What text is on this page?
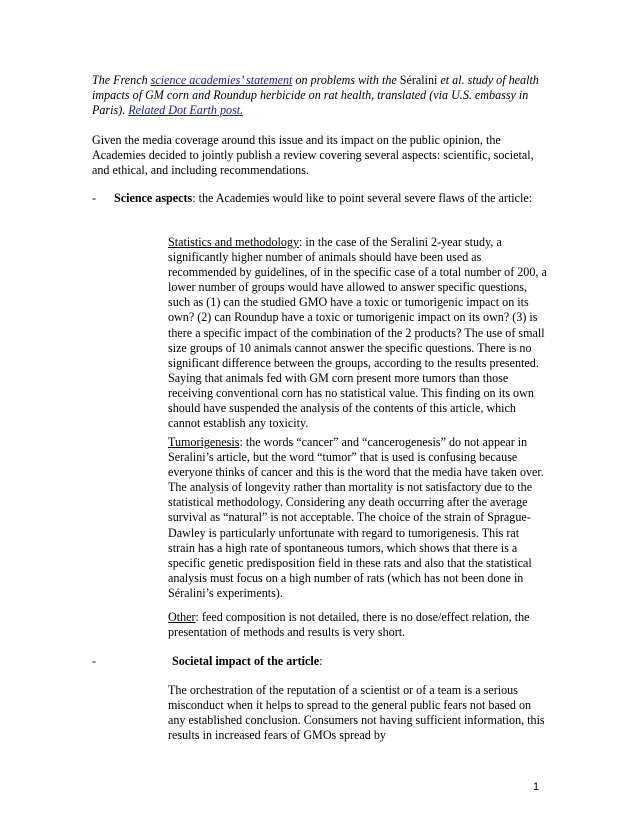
The French science academies’ statement on problems with the Séralini et al. study of health impacts of GM corn and Roundup herbicide on rat health, translated (via U.S. embassy in Paris). Related Dot Earth post.
Given the media coverage around this issue and its impact on the public opinion, the Academies decided to jointly publish a review covering several aspects: scientific, societal, and ethical, and including recommendations.
- Science aspects: the Academies would like to point several severe flaws of the article:
Statistics and methodology: in the case of the Seralini 2-year study, a significantly higher number of animals should have been used as recommended by guidelines, of in the specific case of a total number of 200, a lower number of groups would have allowed to answer specific questions, such as (1) can the studied GMO have a toxic or tumorigenic impact on its own? (2) can Roundup have a toxic or tumorigenic impact on its own? (3) is there a specific impact of the combination of the 2 products? The use of small size groups of 10 animals cannot answer the specific questions. There is no significant difference between the groups, according to the results presented. Saying that animals fed with GM corn present more tumors than those receiving conventional corn has no statistical value. This finding on its own should have suspended the analysis of the contents of this article, which cannot establish any toxicity.
Tumorigenesis: the words “cancer” and “cancerogenesis” do not appear in Seralini’s article, but the word “tumor” that is used is confusing because everyone thinks of cancer and this is the word that the media have taken over. The analysis of longevity rather than mortality is not satisfactory due to the statistical methodology. Considering any death occurring after the average survival as “natural” is not acceptable. The choice of the strain of Sprague-Dawley is particularly unfortunate with regard to tumorigenesis. This rat strain has a high rate of spontaneous tumors, which shows that there is a specific genetic predisposition field in these rats and also that the statistical analysis must focus on a high number of rats (which has not been done in Séralini’s experiments).
Other: feed composition is not detailed, there is no dose/effect relation, the presentation of methods and results is very short.
-	Societal impact of the article:
The orchestration of the reputation of a scientist or of a team is a serious misconduct when it helps to spread to the general public fears not based on any established conclusion. Consumers not having sufficient information, this results in increased fears of GMOs spread by
1
